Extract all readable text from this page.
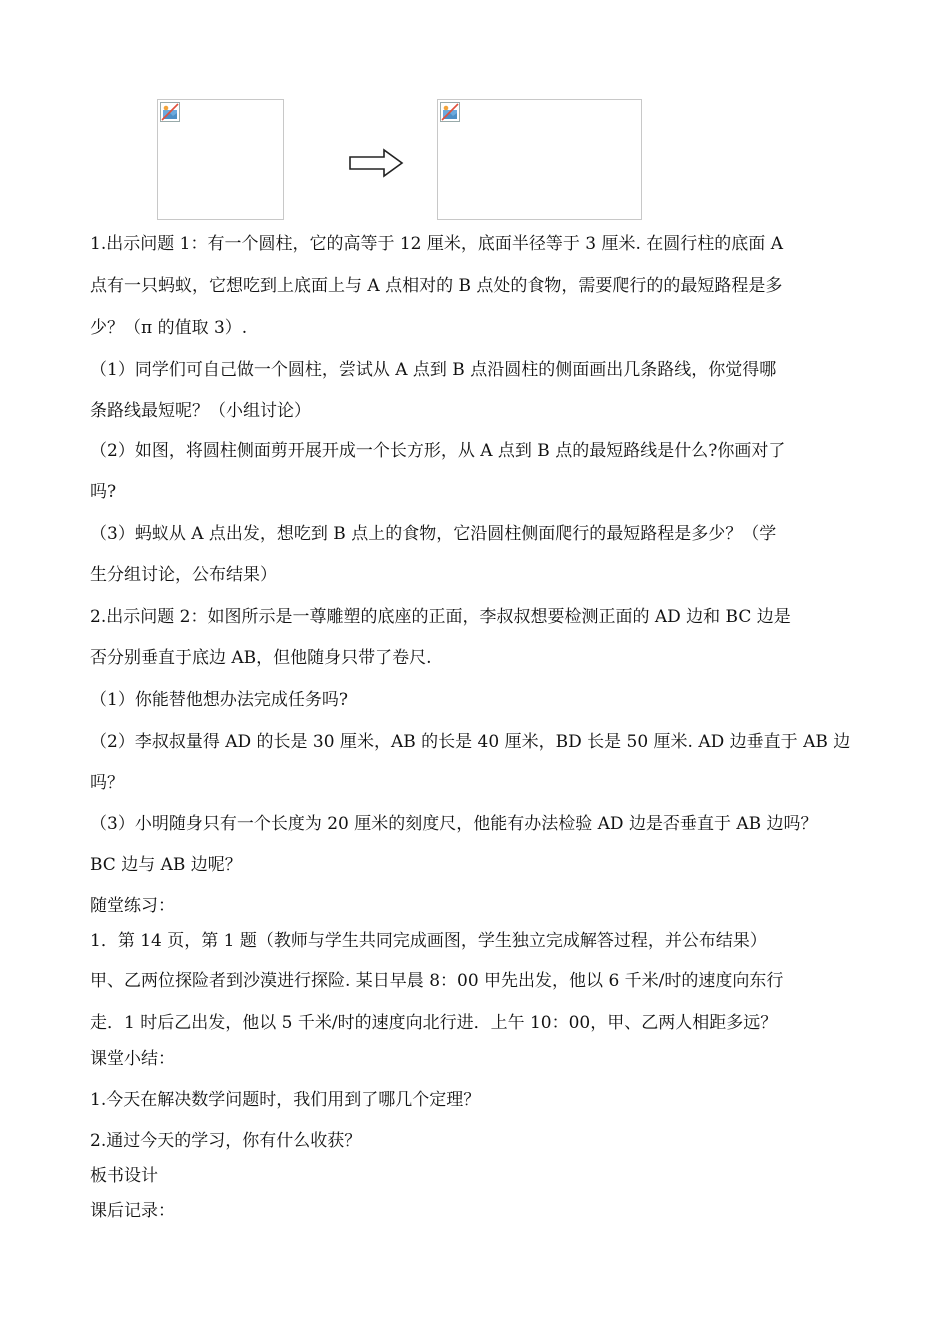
1.出示问题 1：有一个圆柱，它的高等于 12 厘米，底面半径等于 3 厘米. 在圆行柱的底面 A
点有一只蚂蚁，它想吃到上底面上与 A 点相对的 B 点处的食物，需要爬行的的最短路程是多
少？（π 的值取 3）.
（1）同学们可自己做一个圆柱，尝试从 A 点到 B 点沿圆柱的侧面画出几条路线，你觉得哪
条路线最短呢？（小组讨论）
（2）如图，将圆柱侧面剪开展开成一个长方形，从 A 点到 B 点的最短路线是什么?你画对了
吗?
（3）蚂蚁从 A 点出发，想吃到 B 点上的食物，它沿圆柱侧面爬行的最短路程是多少？（学
生分组讨论，公布结果）
2.出示问题 2：如图所示是一尊雕塑的底座的正面，李叔叔想要检测正面的 AD 边和 BC 边是
否分别垂直于底边 AB，但他随身只带了卷尺.
（1）你能替他想办法完成任务吗?
（2）李叔叔量得 AD 的长是 30 厘米，AB 的长是 40 厘米，BD 长是 50 厘米. AD 边垂直于 AB 边
吗？
（3）小明随身只有一个长度为 20 厘米的刻度尺，他能有办法检验 AD 边是否垂直于 AB 边吗？
BC 边与 AB 边呢？
随堂练习：
1．第 14 页，第 1 题（教师与学生共同完成画图，学生独立完成解答过程，并公布结果）
甲、乙两位探险者到沙漠进行探险. 某日早晨 8：00 甲先出发，他以 6 千米/时的速度向东行
走．1 时后乙出发，他以 5 千米/时的速度向北行进．上午 10：00，甲、乙两人相距多远？
课堂小结：
1.今天在解决数学问题时，我们用到了哪几个定理？
2.通过今天的学习，你有什么收获？
板书设计
课后记录：
